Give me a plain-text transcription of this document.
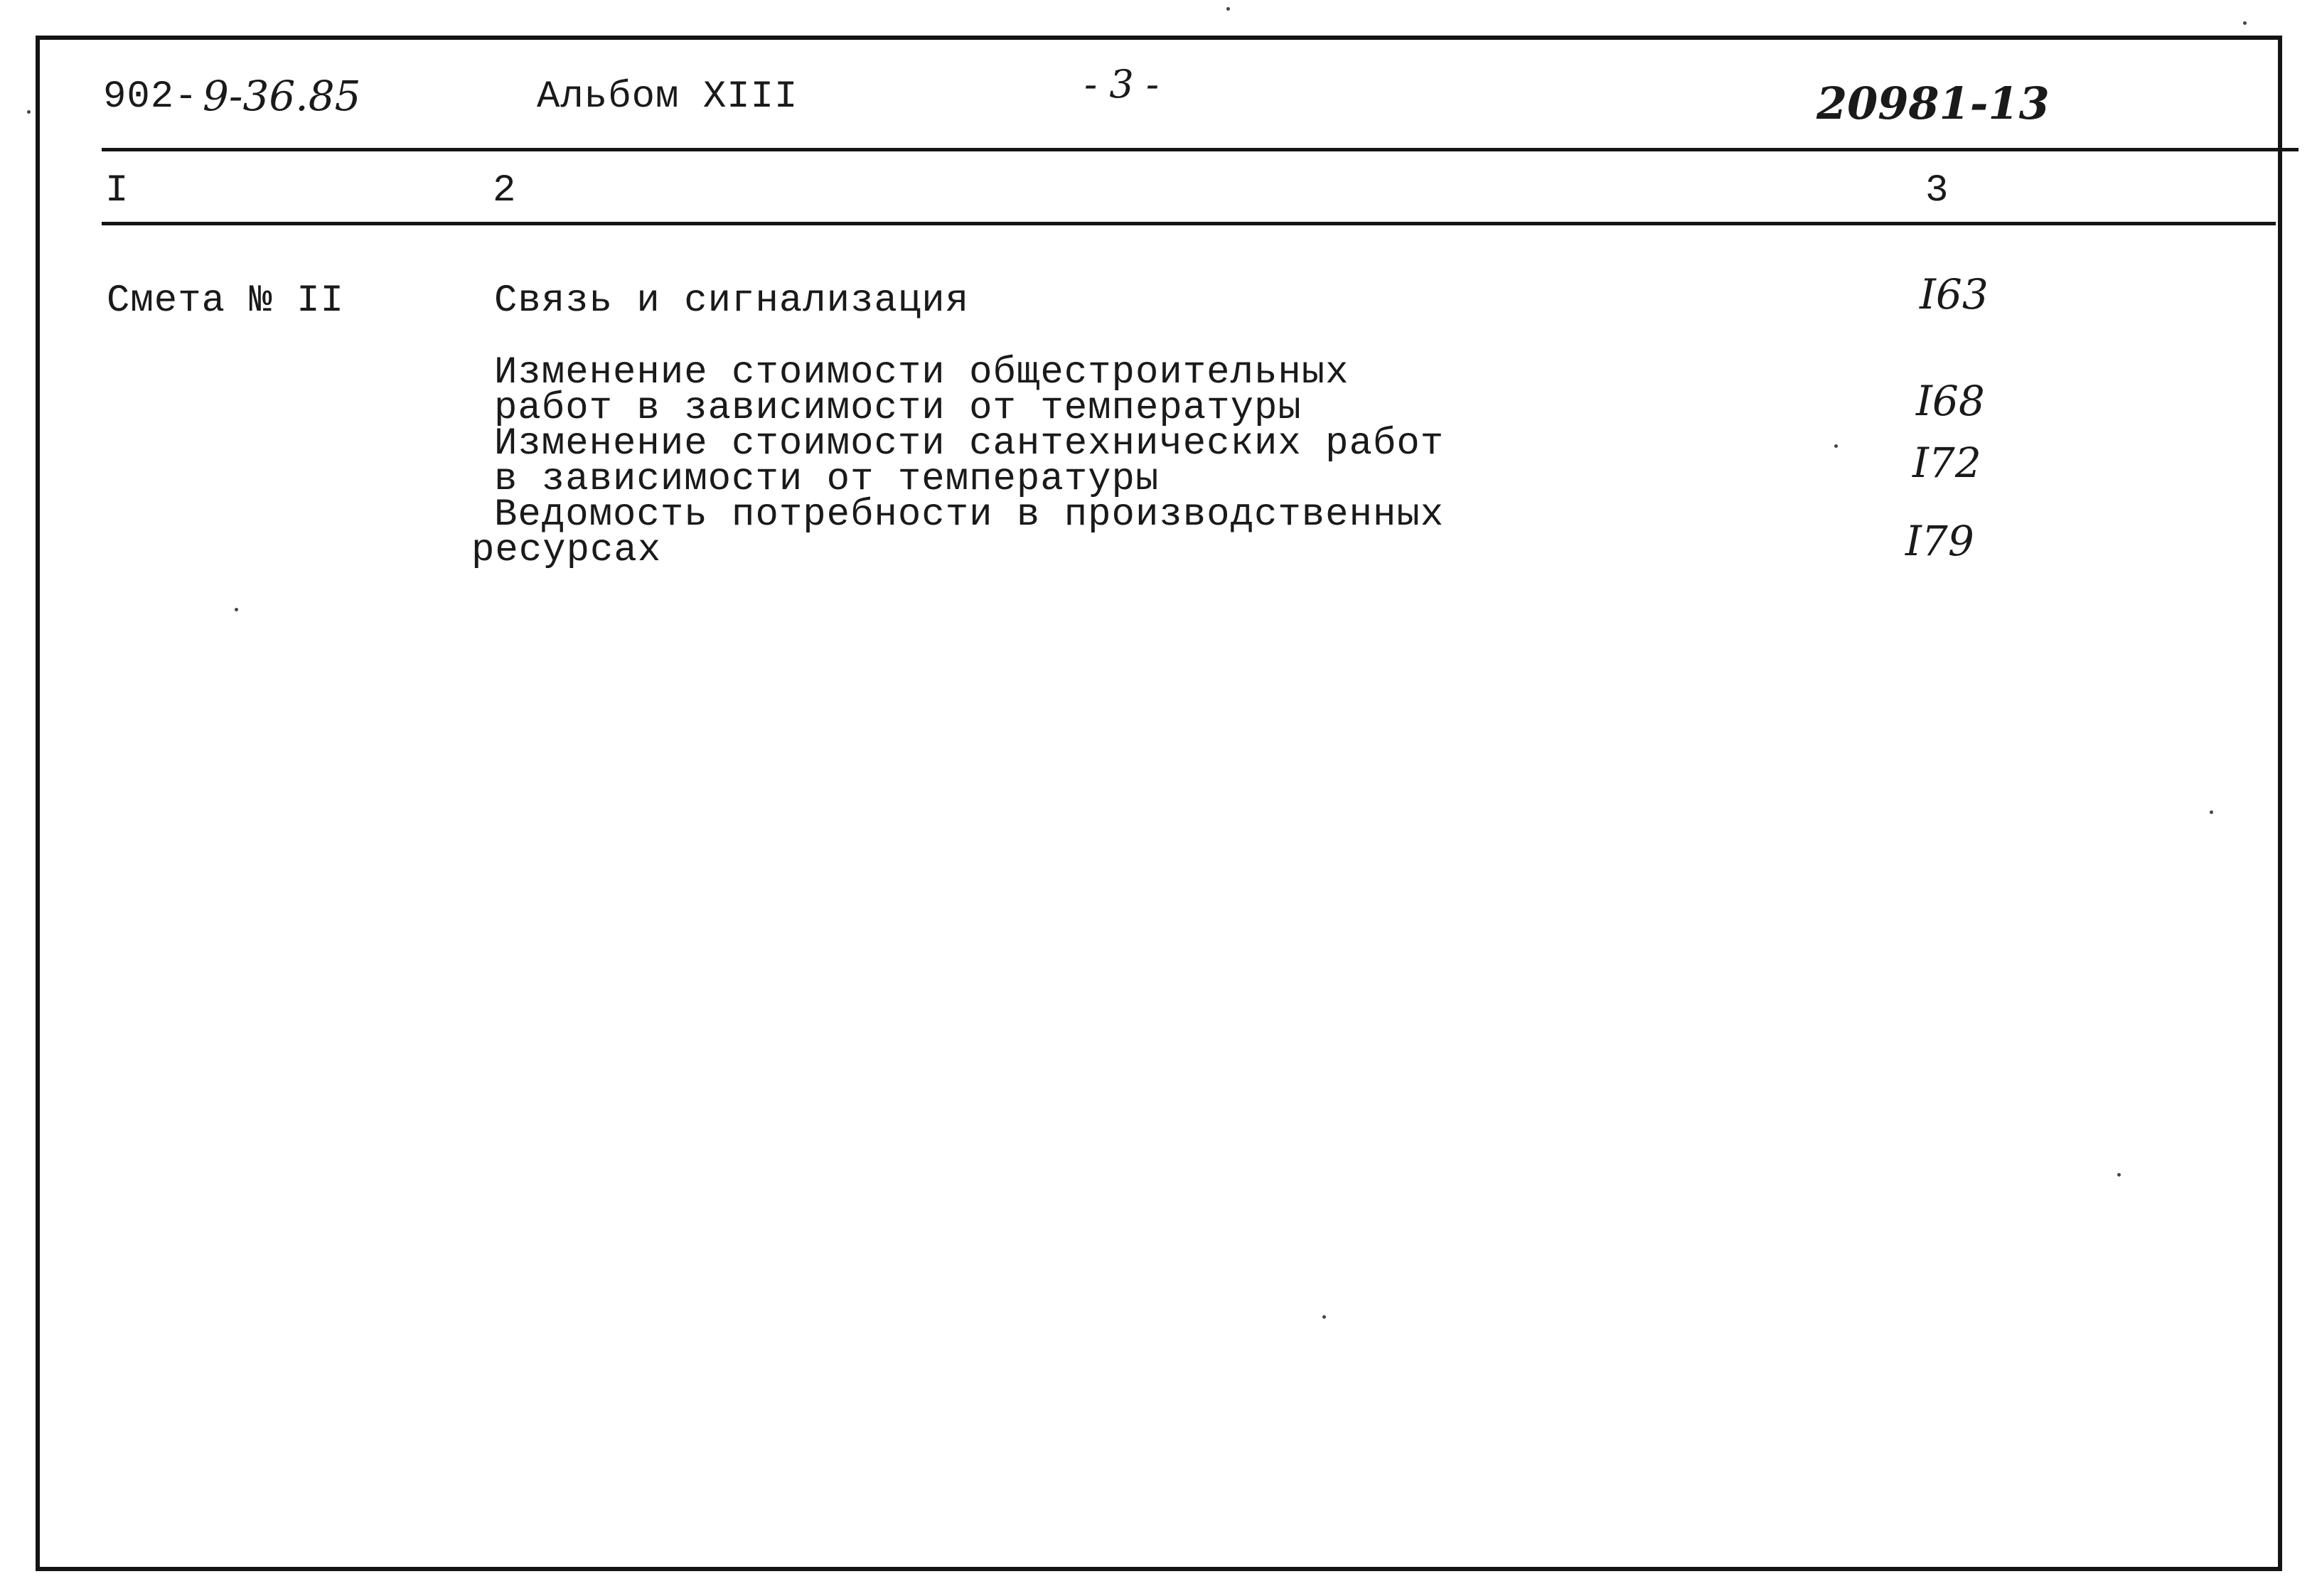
902- 9-36.85	Альбом XIII	- 3 -	20981-13
I	2	3
Смета № II	Связь и сигнализация	I63
Изменение стоимости общестроительных
работ в зависимости от температуры	I68
Изменение стоимости сантехнических работ
в зависимости от температуры	I72
Ведомость потребности в производственных
ресурсах	I79
